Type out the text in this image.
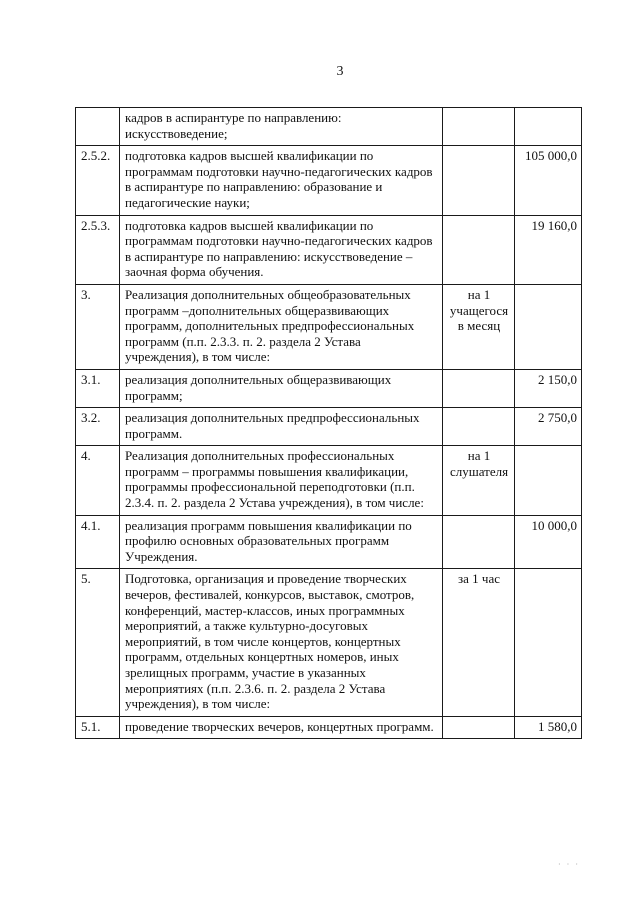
3
	кадров в аспирантуре по направлению: искусствоведение;		
2.5.2.	подготовка кадров высшей квалификации по программам подготовки научно-педагогических кадров в аспирантуре по направлению: образование и педагогические науки;		105 000,0
2.5.3.	подготовка кадров высшей квалификации по программам подготовки научно-педагогических кадров в аспирантуре по направлению: искусствоведение – заочная форма обучения.		19 160,0
3.	Реализация дополнительных общеобразовательных программ –дополнительных общеразвивающих программ, дополнительных предпрофессиональных программ (п.п. 2.3.3. п. 2. раздела 2 Устава учреждения), в том числе:	на 1 учащегося в месяц	
3.1.	реализация дополнительных общеразвивающих программ;		2 150,0
3.2.	реализация дополнительных предпрофессиональных программ.		2 750,0
4.	Реализация дополнительных профессиональных программ – программы повышения квалификации, программы профессиональной переподготовки (п.п. 2.3.4. п. 2. раздела 2 Устава учреждения), в том числе:	на 1 слушателя	
4.1.	реализация программ повышения квалификации по профилю основных образовательных программ Учреждения.		10 000,0
5.	Подготовка, организация и проведение творческих вечеров, фестивалей, конкурсов, выставок, смотров, конференций, мастер-классов, иных программных мероприятий, а также культурно-досуговых мероприятий, в том числе концертов, концертных программ, отдельных концертных номеров, иных зрелищных программ, участие в указанных мероприятиях (п.п. 2.3.6. п. 2. раздела 2 Устава учреждения), в том числе:	за 1 час	
5.1.	проведение творческих вечеров, концертных программ.		1 580,0
· · ·
